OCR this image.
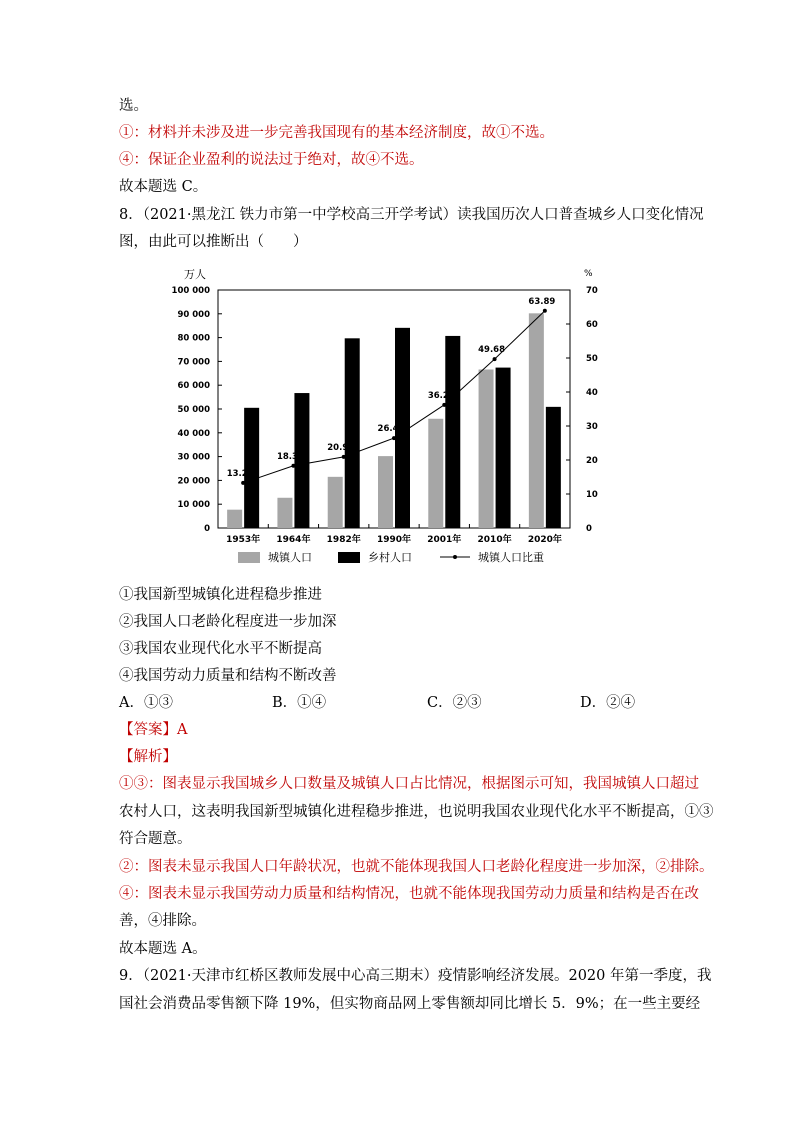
选。
①：材料并未涉及进一步完善我国现有的基本经济制度，故①不选。
④：保证企业盈利的说法过于绝对，故④不选。
故本题选 C。
8．（2021·黑龙江 铁力市第一中学校高三开学考试）读我国历次人口普查城乡人口变化情况
图，由此可以推断出（　　）
万人	%
0
10 000
20 000
30 000
40 000
50 000
60 000
70 000
80 000
90 000
100 000
0
10
20
30
40
50
60
70
13.26
18.30
20.91
26.44
36.22
49.68
63.89
1953年 1964年 1982年 1990年 2001年 2010年 2020年
城镇人口	乡村人口	城镇人口比重
①我国新型城镇化进程稳步推进
②我国人口老龄化程度进一步加深
③我国农业现代化水平不断提高
④我国劳动力质量和结构不断改善
A．①③	B．①④	C．②③	D．②④
【答案】A
【解析】
①③：图表显示我国城乡人口数量及城镇人口占比情况，根据图示可知，我国城镇人口超过
农村人口，这表明我国新型城镇化进程稳步推进，也说明我国农业现代化水平不断提高，①③
符合题意。
②：图表未显示我国人口年龄状况，也就不能体现我国人口老龄化程度进一步加深，②排除。
④：图表未显示我国劳动力质量和结构情况，也就不能体现我国劳动力质量和结构是否在改
善，④排除。
故本题选 A。
9．（2021·天津市红桥区教师发展中心高三期末）疫情影响经济发展。2020 年第一季度，我
国社会消费品零售额下降 19%，但实物商品网上零售额却同比增长 5．9%；在一些主要经
